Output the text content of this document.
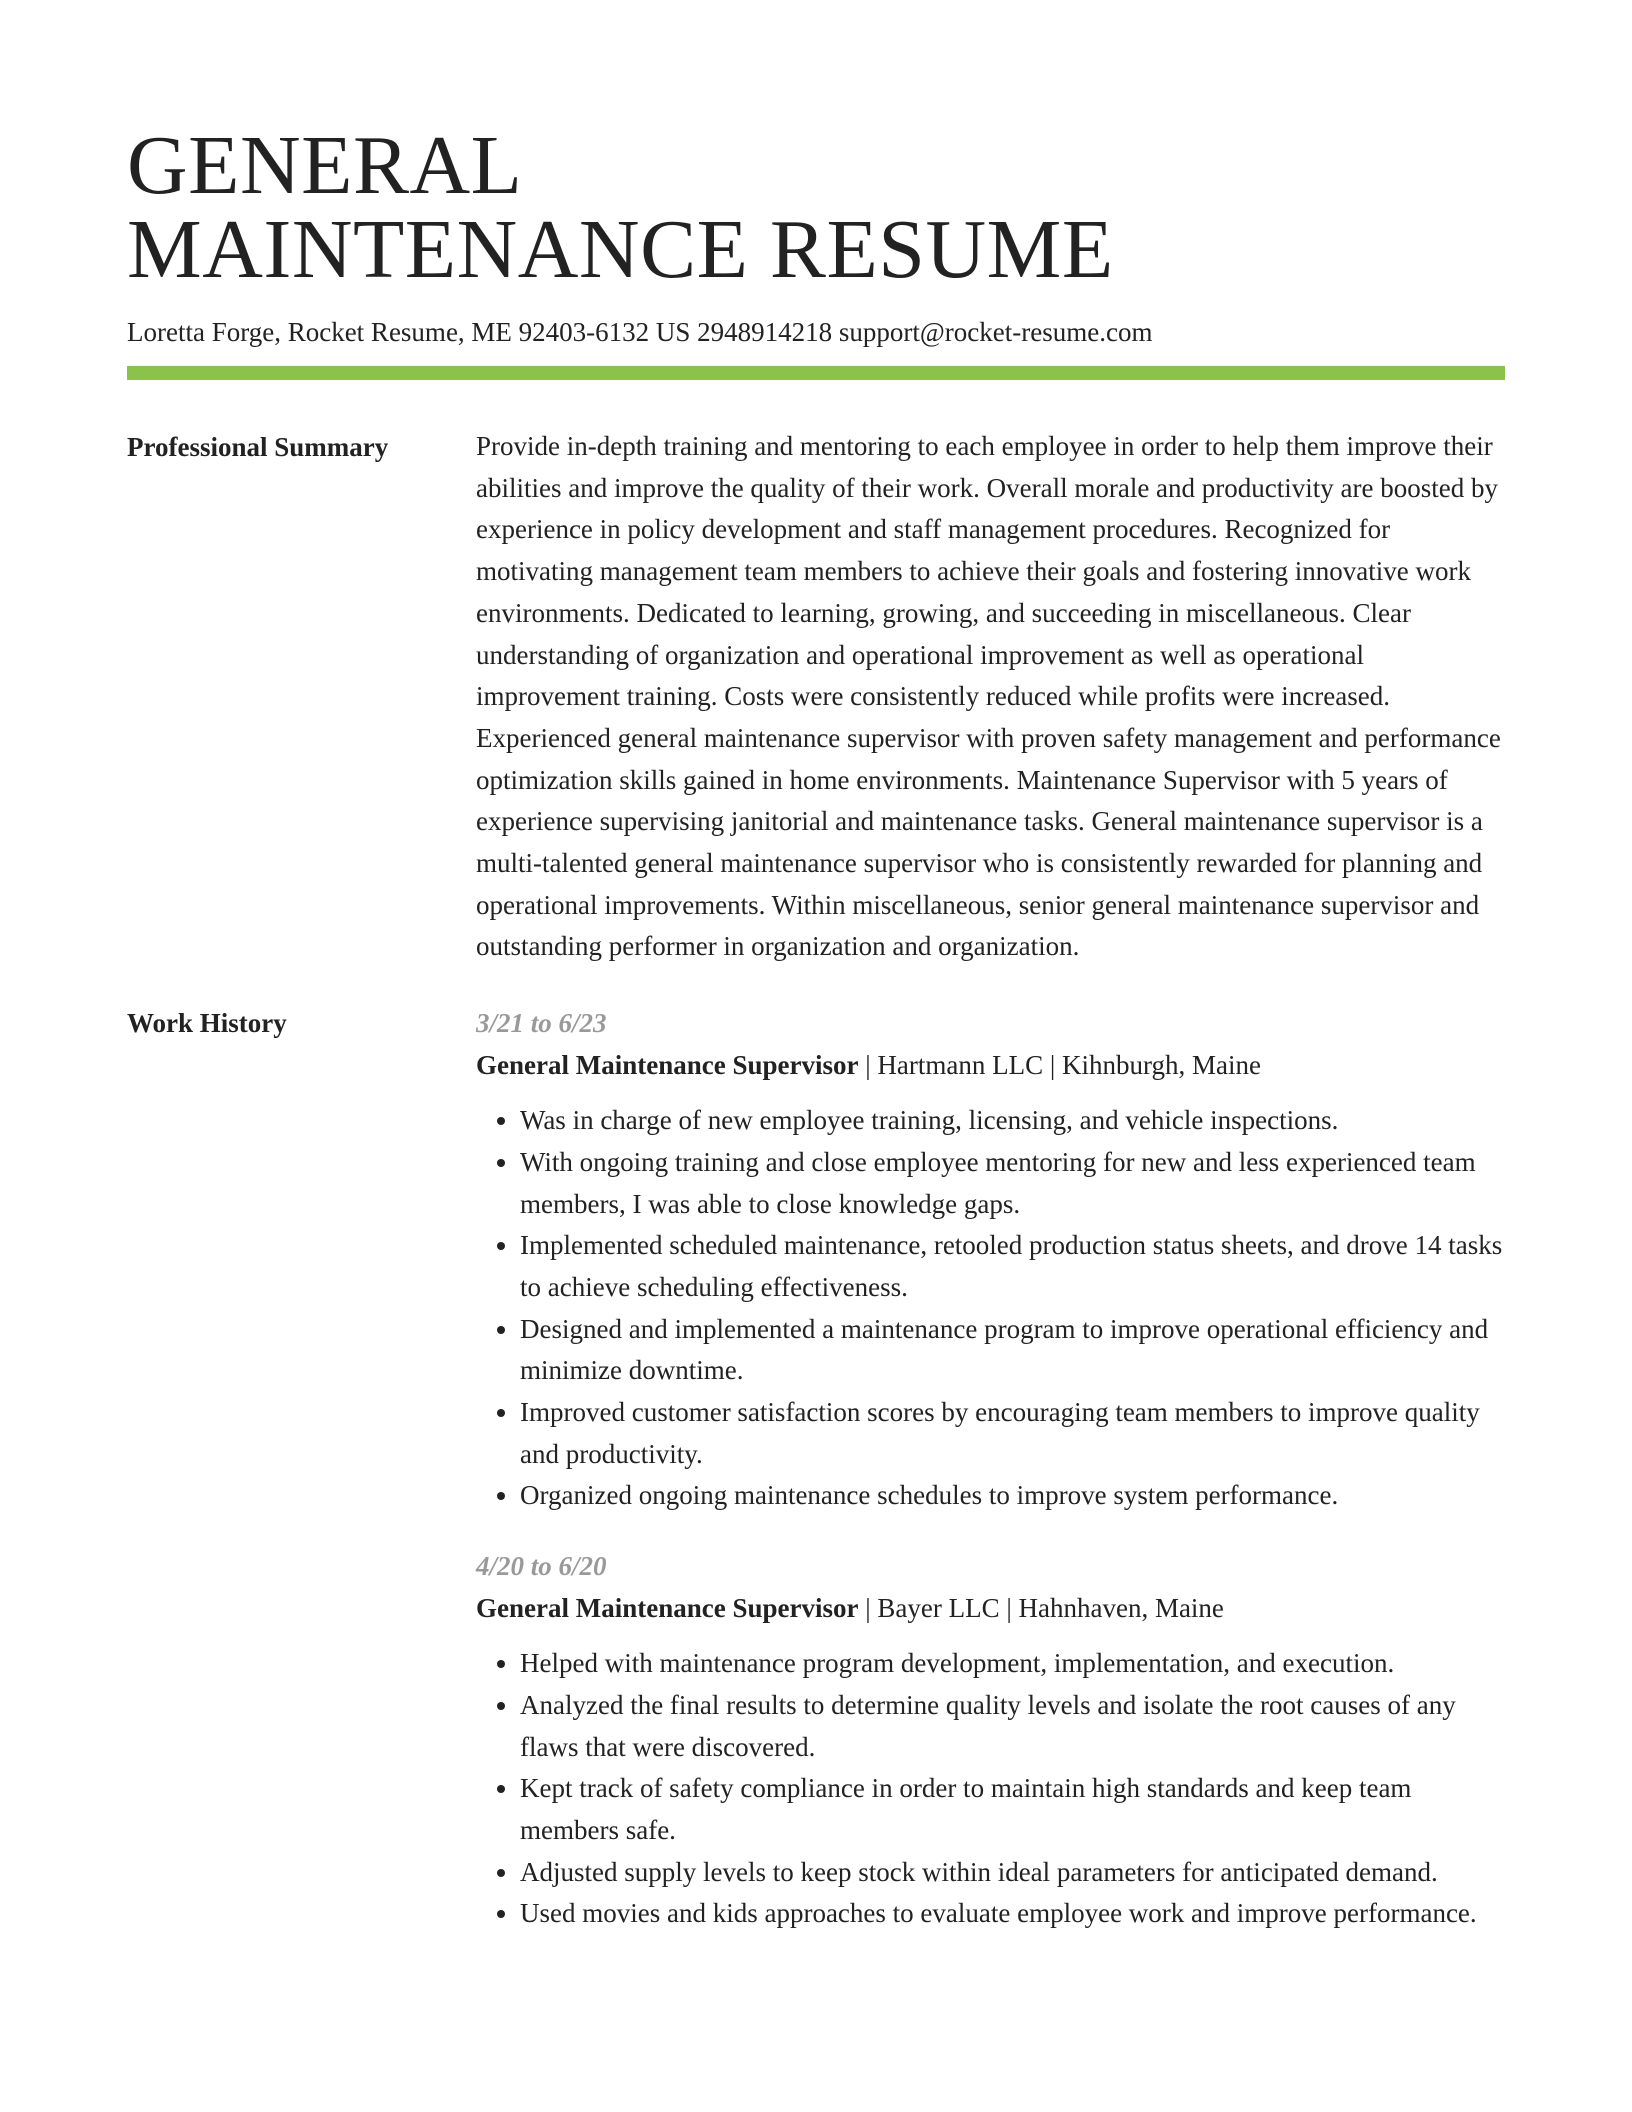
GENERAL
MAINTENANCE RESUME
Loretta Forge, Rocket Resume, ME 92403-6132 US 2948914218 support@rocket-resume.com
Professional Summary	Provide in-depth training and mentoring to each employee in order to help them improve their abilities and improve the quality of their work. Overall morale and productivity are boosted by experience in policy development and staff management procedures. Recognized for motivating management team members to achieve their goals and fostering innovative work environments. Dedicated to learning, growing, and succeeding in miscellaneous. Clear understanding of organization and operational improvement as well as operational improvement training. Costs were consistently reduced while profits were increased. Experienced general maintenance supervisor with proven safety management and performance optimization skills gained in home environments. Maintenance Supervisor with 5 years of experience supervising janitorial and maintenance tasks. General maintenance supervisor is a multi-talented general maintenance supervisor who is consistently rewarded for planning and operational improvements. Within miscellaneous, senior general maintenance supervisor and outstanding performer in organization and organization.

Work History	3/21 to 6/23
General Maintenance Supervisor | Hartmann LLC | Kihnburgh, Maine
• Was in charge of new employee training, licensing, and vehicle inspections.
• With ongoing training and close employee mentoring for new and less experienced team members, I was able to close knowledge gaps.
• Implemented scheduled maintenance, retooled production status sheets, and drove 14 tasks to achieve scheduling effectiveness.
• Designed and implemented a maintenance program to improve operational efficiency and minimize downtime.
• Improved customer satisfaction scores by encouraging team members to improve quality and productivity.
• Organized ongoing maintenance schedules to improve system performance.
4/20 to 6/20
General Maintenance Supervisor | Bayer LLC | Hahnhaven, Maine
• Helped with maintenance program development, implementation, and execution.
• Analyzed the final results to determine quality levels and isolate the root causes of any flaws that were discovered.
• Kept track of safety compliance in order to maintain high standards and keep team members safe.
• Adjusted supply levels to keep stock within ideal parameters for anticipated demand.
• Used movies and kids approaches to evaluate employee work and improve performance.
